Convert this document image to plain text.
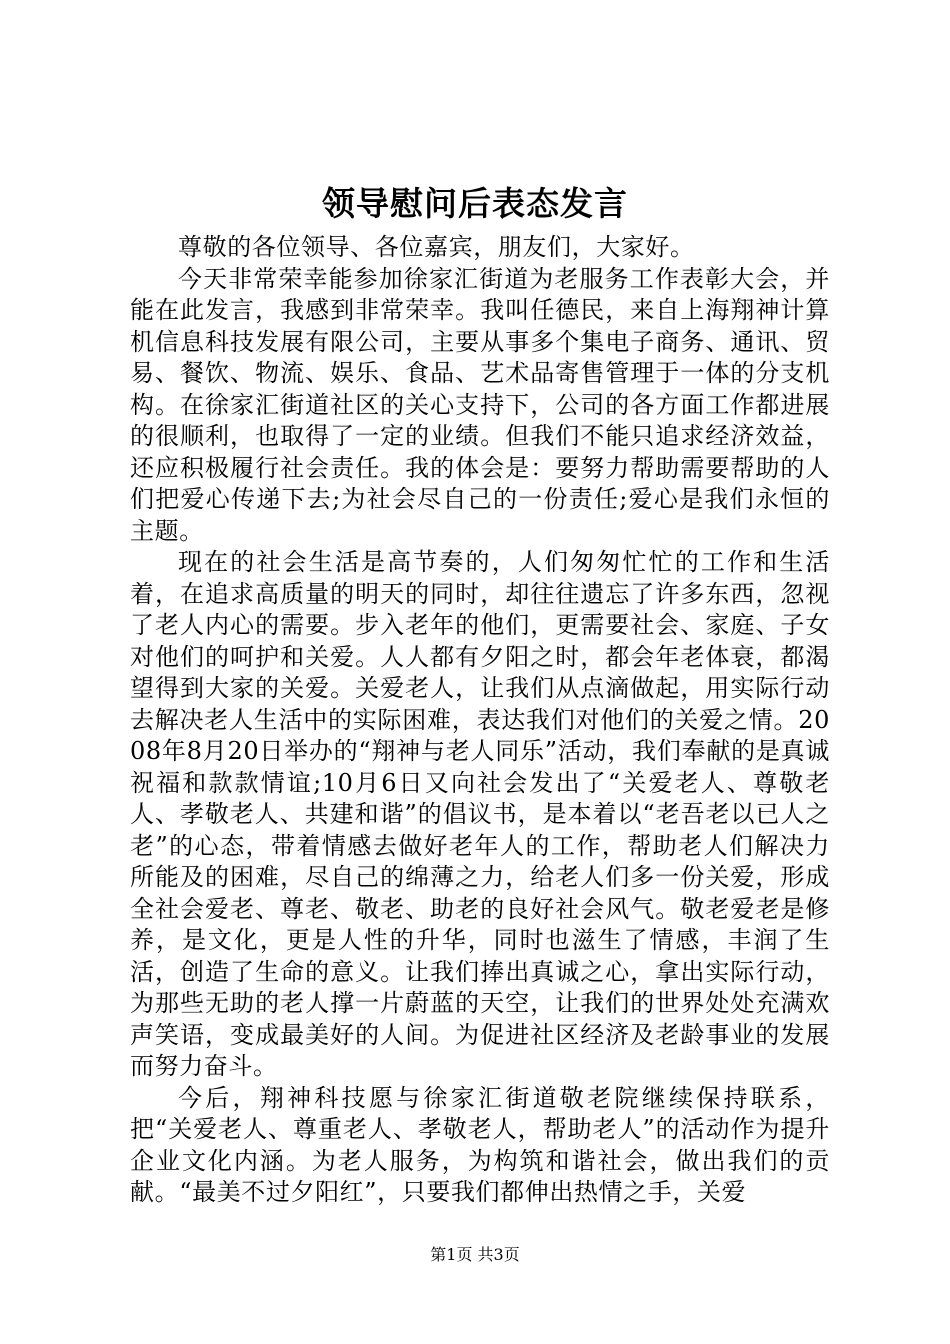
领导慰问后表态发言

尊敬的各位领导、各位嘉宾，朋友们，大家好。

今天非常荣幸能参加徐家汇街道为老服务工作表彰大会，并能在此发言，我感到非常荣幸。我叫任德民，来自上海翔神计算机信息科技发展有限公司，主要从事多个集电子商务、通讯、贸易、餐饮、物流、娱乐、食品、艺术品寄售管理于一体的分支机构。在徐家汇街道社区的关心支持下，公司的各方面工作都进展的很顺利，也取得了一定的业绩。但我们不能只追求经济效益，还应积极履行社会责任。我的体会是：要努力帮助需要帮助的人们把爱心传递下去;为社会尽自己的一份责任;爱心是我们永恒的主题。

现在的社会生活是高节奏的，人们匆匆忙忙的工作和生活着，在追求高质量的明天的同时，却往往遗忘了许多东西，忽视了老人内心的需要。步入老年的他们，更需要社会、家庭、子女对他们的呵护和关爱。人人都有夕阳之时，都会年老体衰，都渴望得到大家的关爱。关爱老人，让我们从点滴做起，用实际行动去解决老人生活中的实际困难，表达我们对他们的关爱之情。2008年8月20日举办的“翔神与老人同乐”活动，我们奉献的是真诚祝福和款款情谊;10月6日又向社会发出了“关爱老人、尊敬老人、孝敬老人、共建和谐”的倡议书，是本着以“老吾老以已人之老”的心态，带着情感去做好老年人的工作，帮助老人们解决力所能及的困难，尽自己的绵薄之力，给老人们多一份关爱，形成全社会爱老、尊老、敬老、助老的良好社会风气。敬老爱老是修养，是文化，更是人性的升华，同时也滋生了情感，丰润了生活，创造了生命的意义。让我们捧出真诚之心，拿出实际行动，为那些无助的老人撑一片蔚蓝的天空，让我们的世界处处充满欢声笑语，变成最美好的人间。为促进社区经济及老龄事业的发展而努力奋斗。

今后，翔神科技愿与徐家汇街道敬老院继续保持联系，把“关爱老人、尊重老人、孝敬老人，帮助老人”的活动作为提升企业文化内涵。为老人服务，为构筑和谐社会，做出我们的贡献。“最美不过夕阳红”，只要我们都伸出热情之手，关爱

第1页 共3页
